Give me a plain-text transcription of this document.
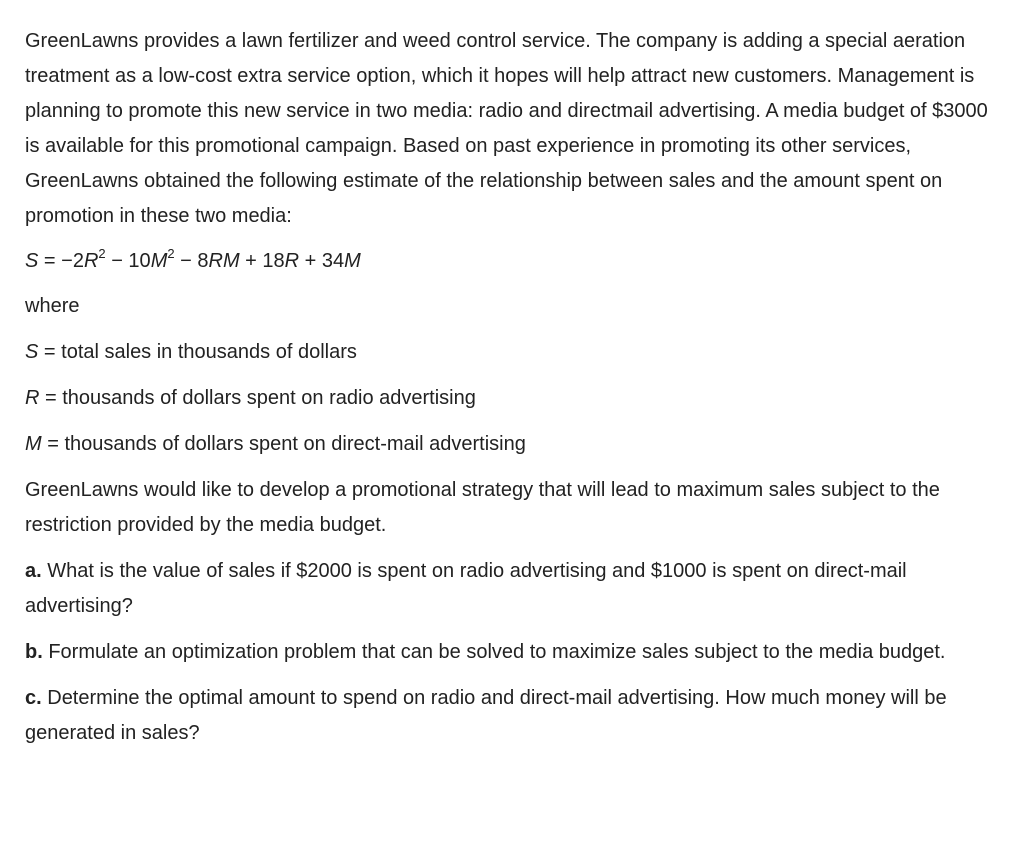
GreenLawns provides a lawn fertilizer and weed control service. The company is adding a special aeration treatment as a low-cost extra service option, which it hopes will help attract new customers. Management is planning to promote this new service in two media: radio and directmail advertising. A media budget of $3000 is available for this promotional campaign. Based on past experience in promoting its other services, GreenLawns obtained the following estimate of the relationship between sales and the amount spent on promotion in these two media:

$S = -2R^2 - 10M^2 - 8RM + 18R + 34M$

where

S = total sales in thousands of dollars

R = thousands of dollars spent on radio advertising

M = thousands of dollars spent on direct-mail advertising

GreenLawns would like to develop a promotional strategy that will lead to maximum sales subject to the restriction provided by the media budget.

a. What is the value of sales if $2000 is spent on radio advertising and $1000 is spent on direct-mail advertising?

b. Formulate an optimization problem that can be solved to maximize sales subject to the media budget.

c. Determine the optimal amount to spend on radio and direct-mail advertising. How much money will be generated in sales?
